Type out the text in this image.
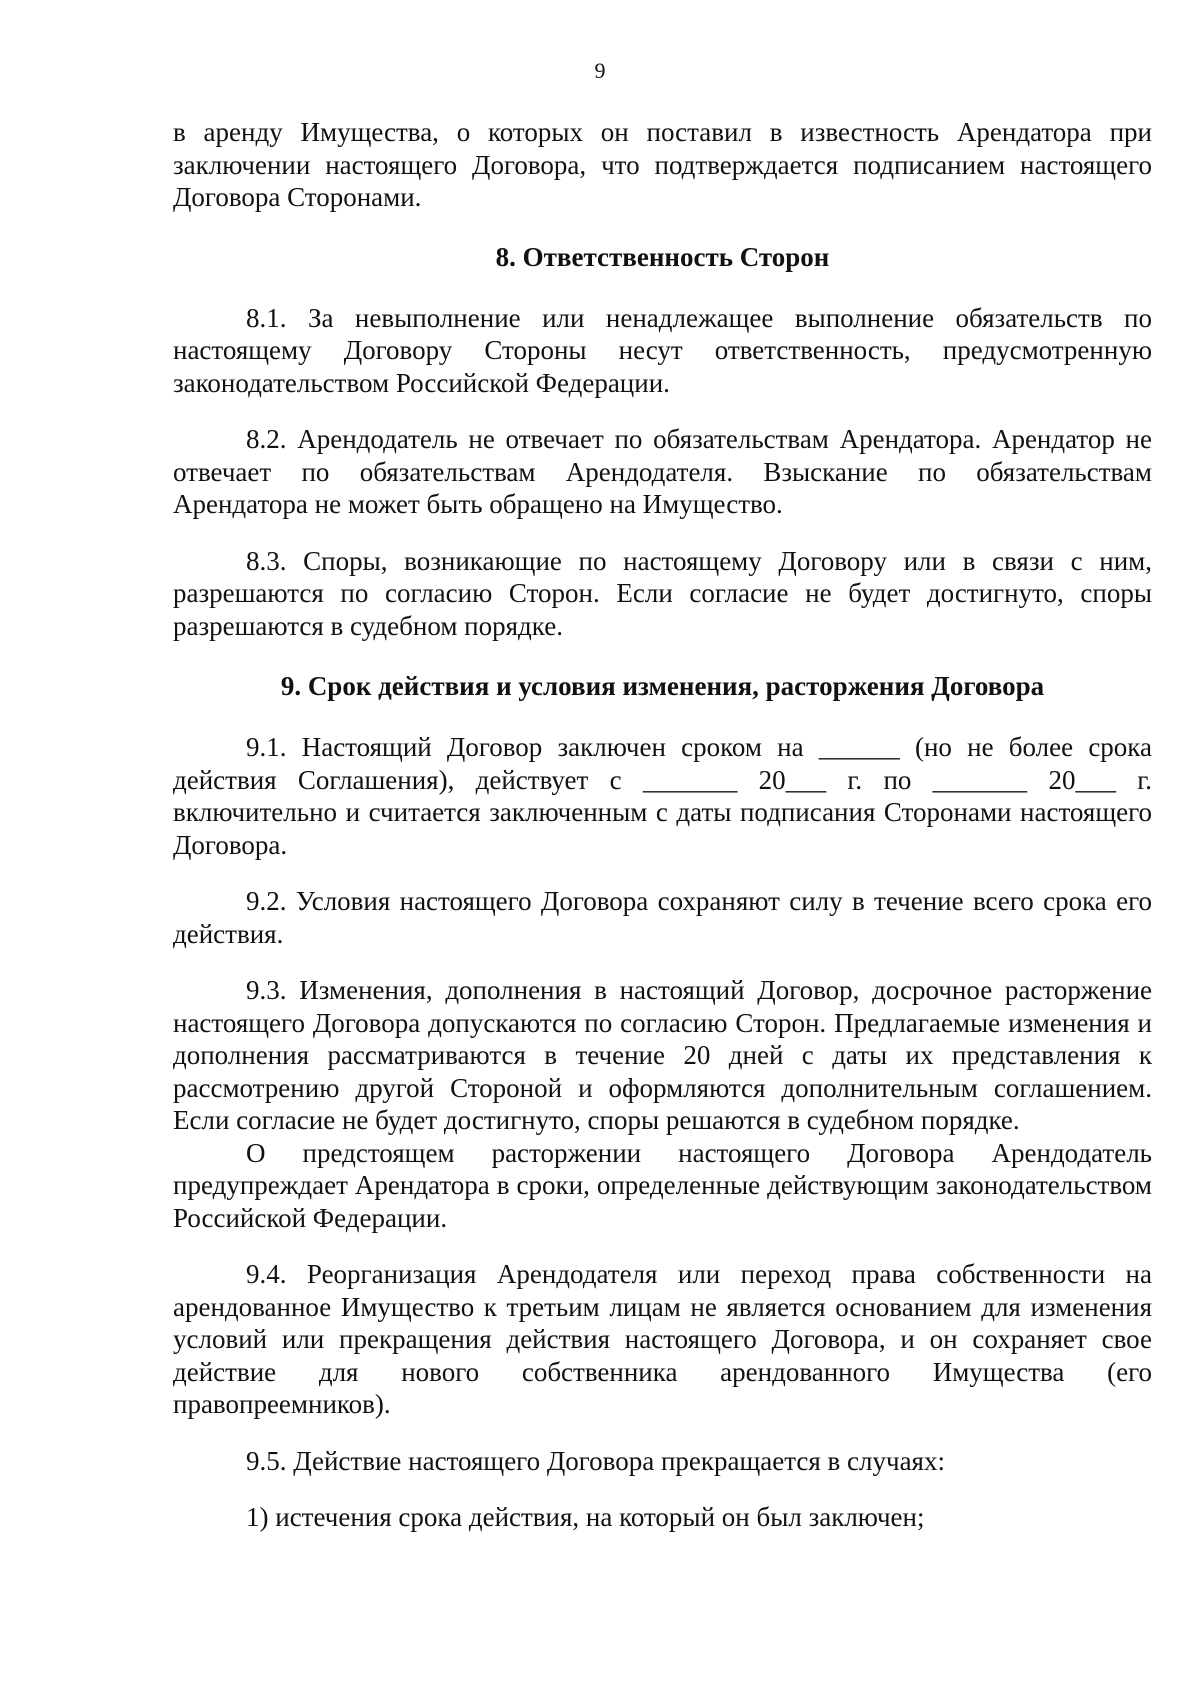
9

в аренду Имущества, о которых он поставил в известность Арендатора при заключении настоящего Договора, что подтверждается подписанием настоящего Договора Сторонами.

8. Ответственность Сторон

8.1. За невыполнение или ненадлежащее выполнение обязательств по настоящему Договору Стороны несут ответственность, предусмотренную законодательством Российской Федерации.

8.2. Арендодатель не отвечает по обязательствам Арендатора. Арендатор не отвечает по обязательствам Арендодателя. Взыскание по обязательствам Арендатора не может быть обращено на Имущество.

8.3. Споры, возникающие по настоящему Договору или в связи с ним, разрешаются по согласию Сторон. Если согласие не будет достигнуто, споры разрешаются в судебном порядке.

9. Срок действия и условия изменения, расторжения Договора

9.1. Настоящий Договор заключен сроком на ______ (но не более срока действия Соглашения), действует с _______ 20___ г. по _______ 20___ г. включительно и считается заключенным с даты подписания Сторонами настоящего Договора.

9.2. Условия настоящего Договора сохраняют силу в течение всего срока его действия.

9.3. Изменения, дополнения в настоящий Договор, досрочное расторжение настоящего Договора допускаются по согласию Сторон. Предлагаемые изменения и дополнения рассматриваются в течение 20 дней с даты их представления к рассмотрению другой Стороной и оформляются дополнительным соглашением. Если согласие не будет достигнуто, споры решаются в судебном порядке.

О предстоящем расторжении настоящего Договора Арендодатель предупреждает Арендатора в сроки, определенные действующим законодательством Российской Федерации.

9.4. Реорганизация Арендодателя или переход права собственности на арендованное Имущество к третьим лицам не является основанием для изменения условий или прекращения действия настоящего Договора, и он сохраняет свое действие для нового собственника арендованного Имущества (его правопреемников).

9.5. Действие настоящего Договора прекращается в случаях:

1) истечения срока действия, на который он был заключен;
